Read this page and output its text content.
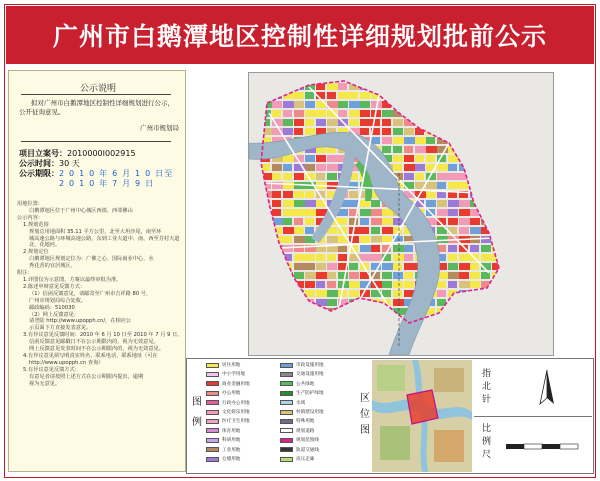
广州市白鹅潭地区控制性详细规划批前公示
公示说明
拟对广州市白鹅潭地区控制性详细规划进行公示，公开征询意见。
广州市规划局
项目立案号：2010000I002915
公示时间：30 天
公示期限：2 0 1 0 年 6 月 1 0 日至
2 0 1 0 年 7 月 9 日

用地位置：

白鹅潭地区位于广州中心城区西部，西邻佛山

公示内容：

1.规划范围

规划总用地面积 35.11 平方公里，北至大坦沙尾，南至环

城高速公路与环城高速公路，东到工业大道中、南、西至芳村大道北、花地河。

2.规划定位

白鹅潭地区规划定位为：广佛之心、国际商业中心、水

秀花香的宜居城区。

附注：

1.详图仅为示意图，方案以最终审批为准。

2.陈述申辩意见反馈方式：

（1）信函反馈意见，请邮寄至广州市吉祥路 80 号，

广州市规划局综合处收。

邮政编码：510030

（2）网上反馈意见：

请登陆 http://www.upopph.cn/，在相应公

示页面下方直接发表意见。

3.有异议意见反馈时间：2010 年 6 月 10 日至 2010 年 7 月 9 日。

信函反馈意见邮戳日不在公示期限内的，视为无效意见。

网上反馈意见发表时间不在公示期限内的，视为无效意见。

4.有异议意见须写明真实姓名、联系电话、联系地址（可在

http://www.upopph.cn 查询）

5.有异议意见反馈方式：

有意见者请按照上述方式在公示期限内提出，逾期

视为无意见。

图例
居住用地
中小学用地
商业金融用地
办公用地
行政办公用地
文化娱乐用地
医疗卫生用地
体育用地
科研用地
工业用地
仓储用地
市政设施用地
交通设施用地
公共绿地
生产防护绿地
水域
村镇建设用地
特殊用地
规划道路
规划范围线
轨道交通线
高压走廊
区位图
指北针
比例尺
